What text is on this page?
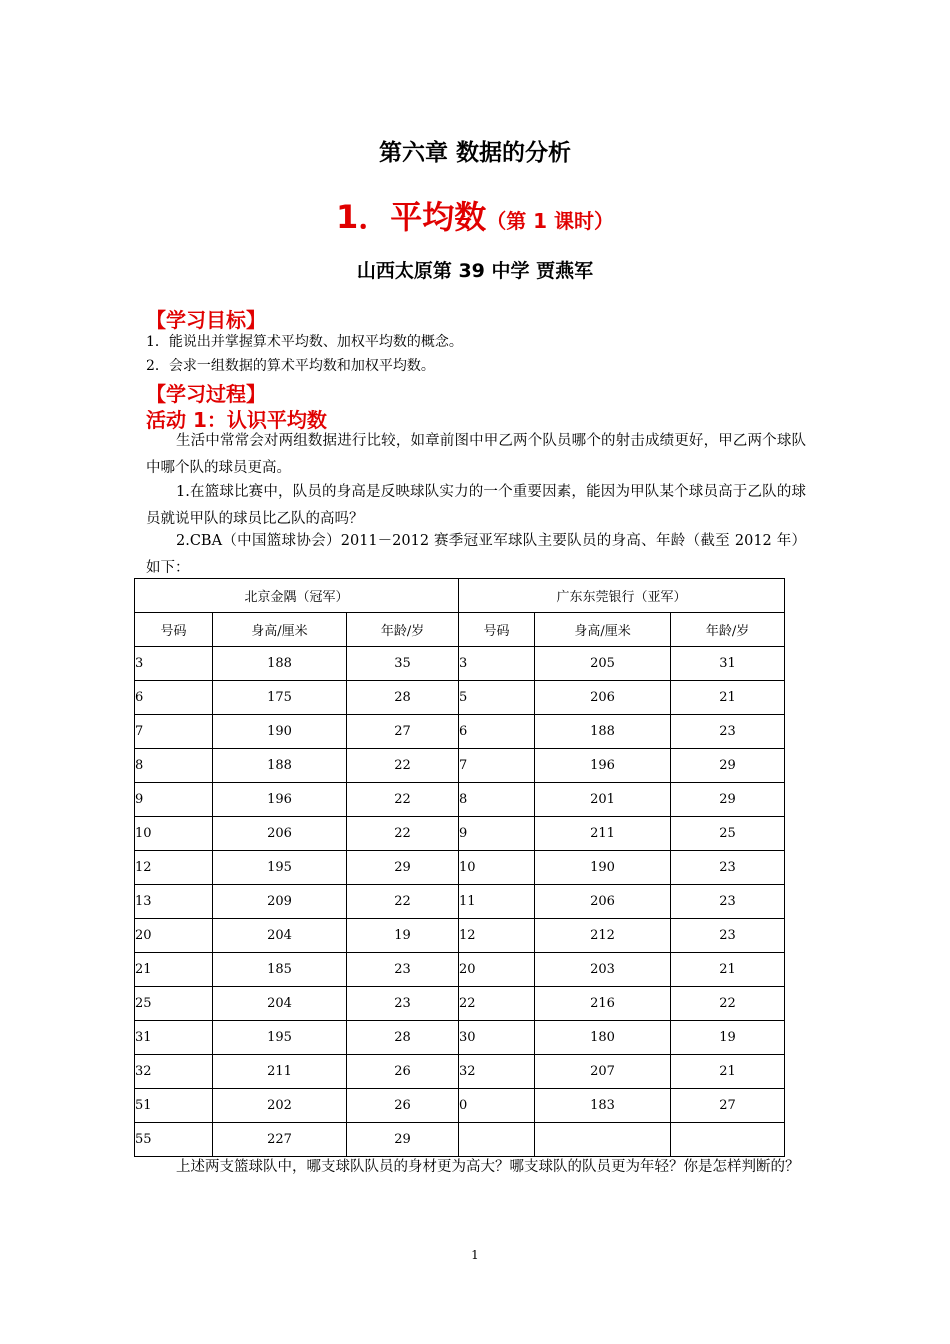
第六章 数据的分析
1．平均数（第 1 课时）
山西太原第 39 中学 贾燕军
【学习目标】
1．能说出并掌握算术平均数、加权平均数的概念。
2．会求一组数据的算术平均数和加权平均数。
【学习过程】
活动 1：认识平均数
生活中常常会对两组数据进行比较，如章前图中甲乙两个队员哪个的射击成绩更好，甲乙两个球队中哪个队的球员更高。
1.在篮球比赛中，队员的身高是反映球队实力的一个重要因素，能因为甲队某个球员高于乙队的球员就说甲队的球员比乙队的高吗？
2.CBA（中国篮球协会）2011－2012 赛季冠亚军球队主要队员的身高、年龄（截至 2012 年）如下：
北京金隅（冠军）			广东东莞银行（亚军）		
号码	身高/厘米	年龄/岁	号码	身高/厘米	年龄/岁
3	188	35	3	205	31
6	175	28	5	206	21
7	190	27	6	188	23
8	188	22	7	196	29
9	196	22	8	201	29
10	206	22	9	211	25
12	195	29	10	190	23
13	209	22	11	206	23
20	204	19	12	212	23
21	185	23	20	203	21
25	204	23	22	216	22
31	195	28	30	180	19
32	211	26	32	207	21
51	202	26	0	183	27
55	227	29			
上述两支篮球队中，哪支球队队员的身材更为高大？哪支球队的队员更为年轻？你是怎样判断的？
1
